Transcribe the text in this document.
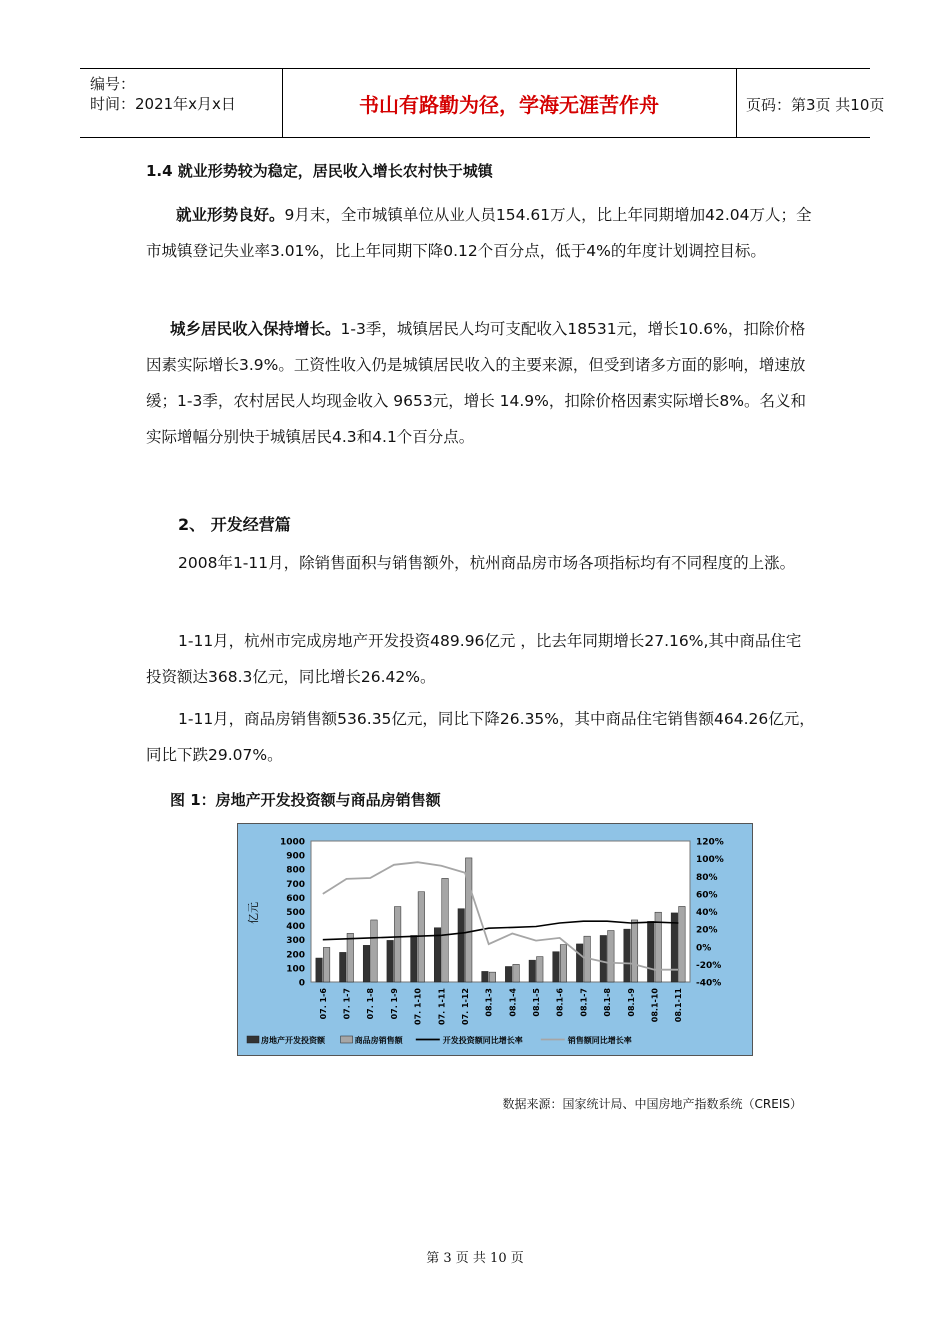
编号：
时间：2021年x月x日	书山有路勤为径，学海无涯苦作舟	页码：第3页 共10页
1.4 就业形势较为稳定，居民收入增长农村快于城镇
就业形势良好。9月末，全市城镇单位从业人员154.61万人，比上年同期增加42.04万人；全市城镇登记失业率3.01%，比上年同期下降0.12个百分点，低于4%的年度计划调控目标。
城乡居民收入保持增长。1-3季，城镇居民人均可支配收入18531元，增长10.6%，扣除价格因素实际增长3.9%。工资性收入仍是城镇居民收入的主要来源，但受到诸多方面的影响，增速放缓；1-3季，农村居民人均现金收入 9653元，增长 14.9%，扣除价格因素实际增长8%。名义和实际增幅分别快于城镇居民4.3和4.1个百分点。
2、 开发经营篇
2008年1-11月，除销售面积与销售额外，杭州商品房市场各项指标均有不同程度的上涨。
1-11月，杭州市完成房地产开发投资489.96亿元 ，比去年同期增长27.16%,其中商品住宅投资额达368.3亿元，同比增长26.42%。
1-11月，商品房销售额536.35亿元，同比下降26.35%，其中商品住宅销售额464.26亿元，同比下跌29.07%。
图 1：房地产开发投资额与商品房销售额
0
100
200
300
400
500
600
700
800
900
1000
-40%
-20%
0%
20%
40%
60%
80%
100%
120%
07. 1-6 07. 1-7 07. 1-8 07. 1-9 07. 1-10 07. 1-11 07. 1-12 08.1-3 08.1-4 08.1-5 08.1-6 08.1-7 08.1-8 08.1-9 08.1-10 08.1-11
房地产开发投资额	商品房销售额	开发投资额同比增长率	销售额同比增长率
亿元
数据来源：国家统计局、中国房地产指数系统（CREIS）
第 3 页 共 10 页
